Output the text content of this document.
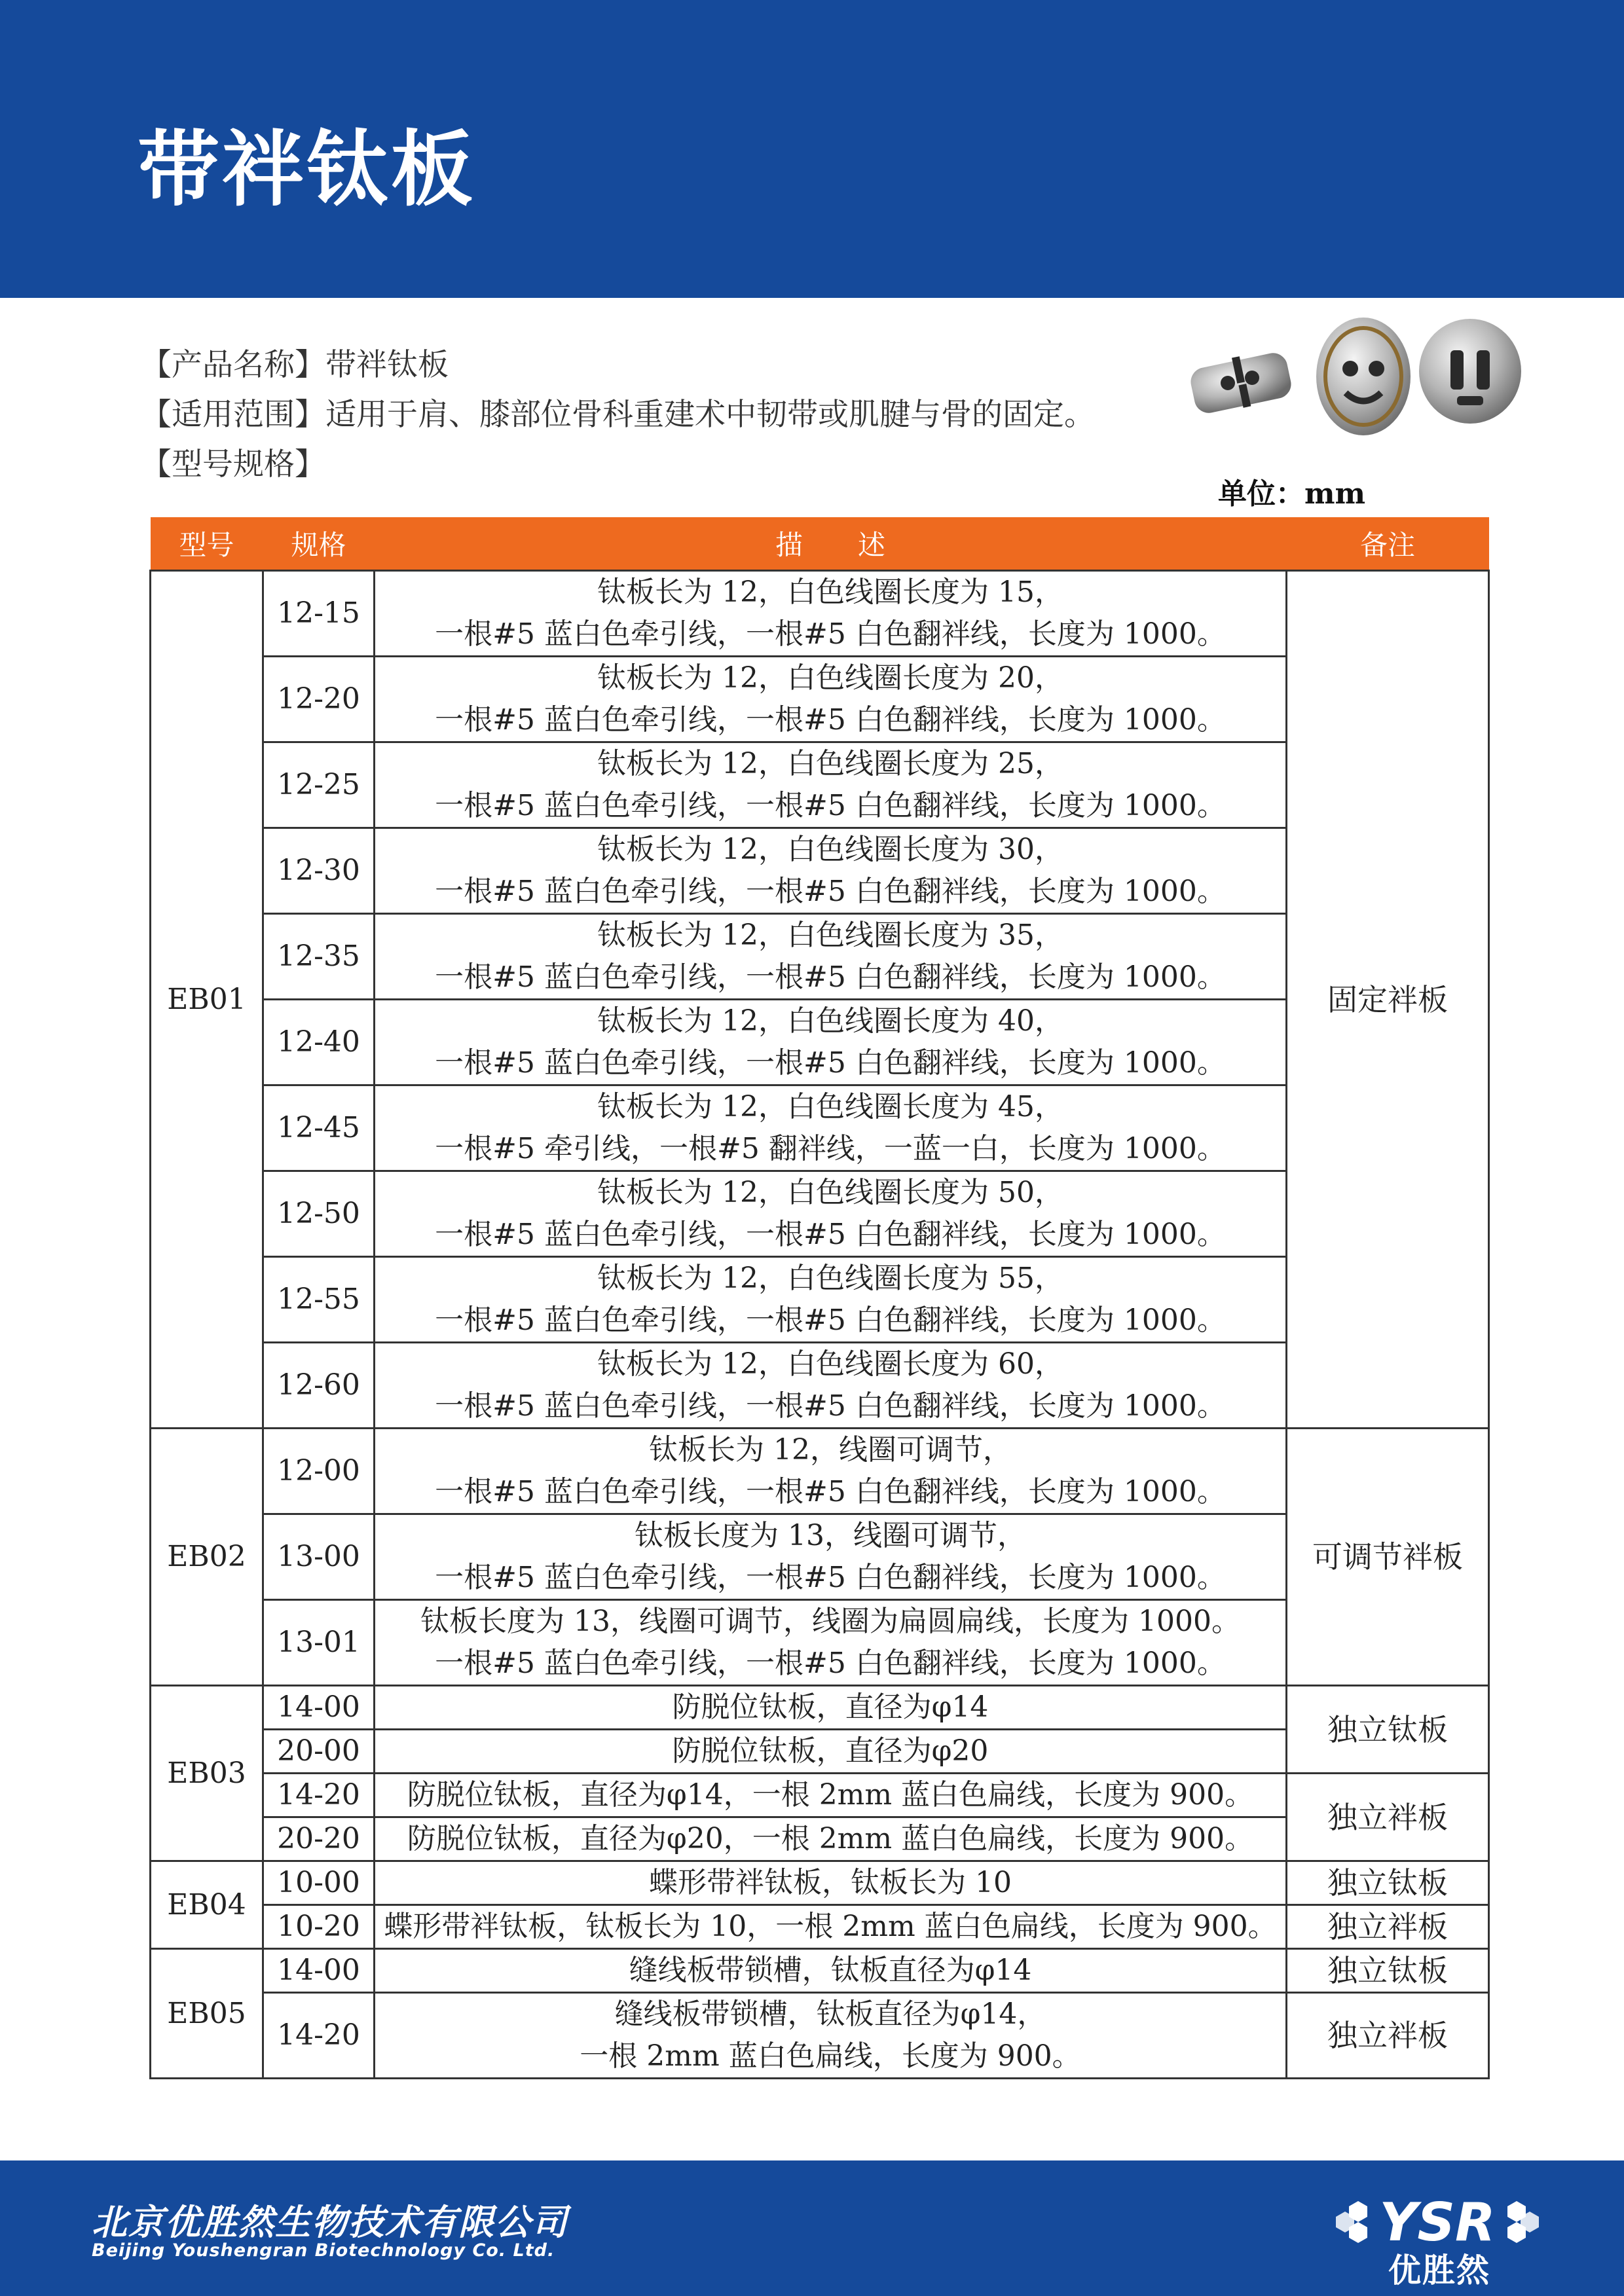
带袢钛板
【产品名称】带袢钛板
【适用范围】适用于肩、膝部位骨科重建术中韧带或肌腱与骨的固定。
【型号规格】
单位：mm
型号	规格	描　　述	备注
EB01	12-15	钛板长为 12，白色线圈长度为 15，
一根#5 蓝白色牵引线，一根#5 白色翻袢线，长度为 1000。	固定袢板
	12-20	钛板长为 12，白色线圈长度为 20，
一根#5 蓝白色牵引线，一根#5 白色翻袢线，长度为 1000。	

	12-25	钛板长为 12，白色线圈长度为 25，
一根#5 蓝白色牵引线，一根#5 白色翻袢线，长度为 1000。	

	12-30	钛板长为 12，白色线圈长度为 30，
一根#5 蓝白色牵引线，一根#5 白色翻袢线，长度为 1000。	

	12-35	钛板长为 12，白色线圈长度为 35，
一根#5 蓝白色牵引线，一根#5 白色翻袢线，长度为 1000。	

	12-40	钛板长为 12，白色线圈长度为 40，
一根#5 蓝白色牵引线，一根#5 白色翻袢线，长度为 1000。	

	12-45	钛板长为 12，白色线圈长度为 45，
一根#5 牵引线，一根#5 翻袢线，一蓝一白，长度为 1000。	

	12-50	钛板长为 12，白色线圈长度为 50，
一根#5 蓝白色牵引线，一根#5 白色翻袢线，长度为 1000。	

	12-55	钛板长为 12，白色线圈长度为 55，
一根#5 蓝白色牵引线，一根#5 白色翻袢线，长度为 1000。	

	12-60	钛板长为 12，白色线圈长度为 60，
一根#5 蓝白色牵引线，一根#5 白色翻袢线，长度为 1000。	

EB02	12-00	钛板长为 12，线圈可调节，
一根#5 蓝白色牵引线，一根#5 白色翻袢线，长度为 1000。	可调节袢板
	13-00	钛板长度为 13，线圈可调节，
一根#5 蓝白色牵引线，一根#5 白色翻袢线，长度为 1000。	

	13-01	钛板长度为 13，线圈可调节，线圈为扁圆扁线，长度为 1000。
一根#5 蓝白色牵引线，一根#5 白色翻袢线，长度为 1000。	

EB03	14-00	防脱位钛板，直径为φ14	独立钛板
	20-00	防脱位钛板，直径为φ20	
	14-20	防脱位钛板，直径为φ14，一根 2mm 蓝白色扁线，长度为 900。	独立袢板
	20-20	防脱位钛板，直径为φ20，一根 2mm 蓝白色扁线，长度为 900。	
EB04	10-00	蝶形带袢钛板，钛板长为 10	独立钛板
	10-20	蝶形带袢钛板，钛板长为 10，一根 2mm 蓝白色扁线，长度为 900。	独立袢板
EB05	14-00	缝线板带锁槽，钛板直径为φ14	独立钛板
	14-20	缝线板带锁槽，钛板直径为φ14，
一根 2mm 蓝白色扁线，长度为 900。	独立袢板
北京优胜然生物技术有限公司
Beijing Youshengran Biotechnology Co. Ltd.	YSR
优胜然
